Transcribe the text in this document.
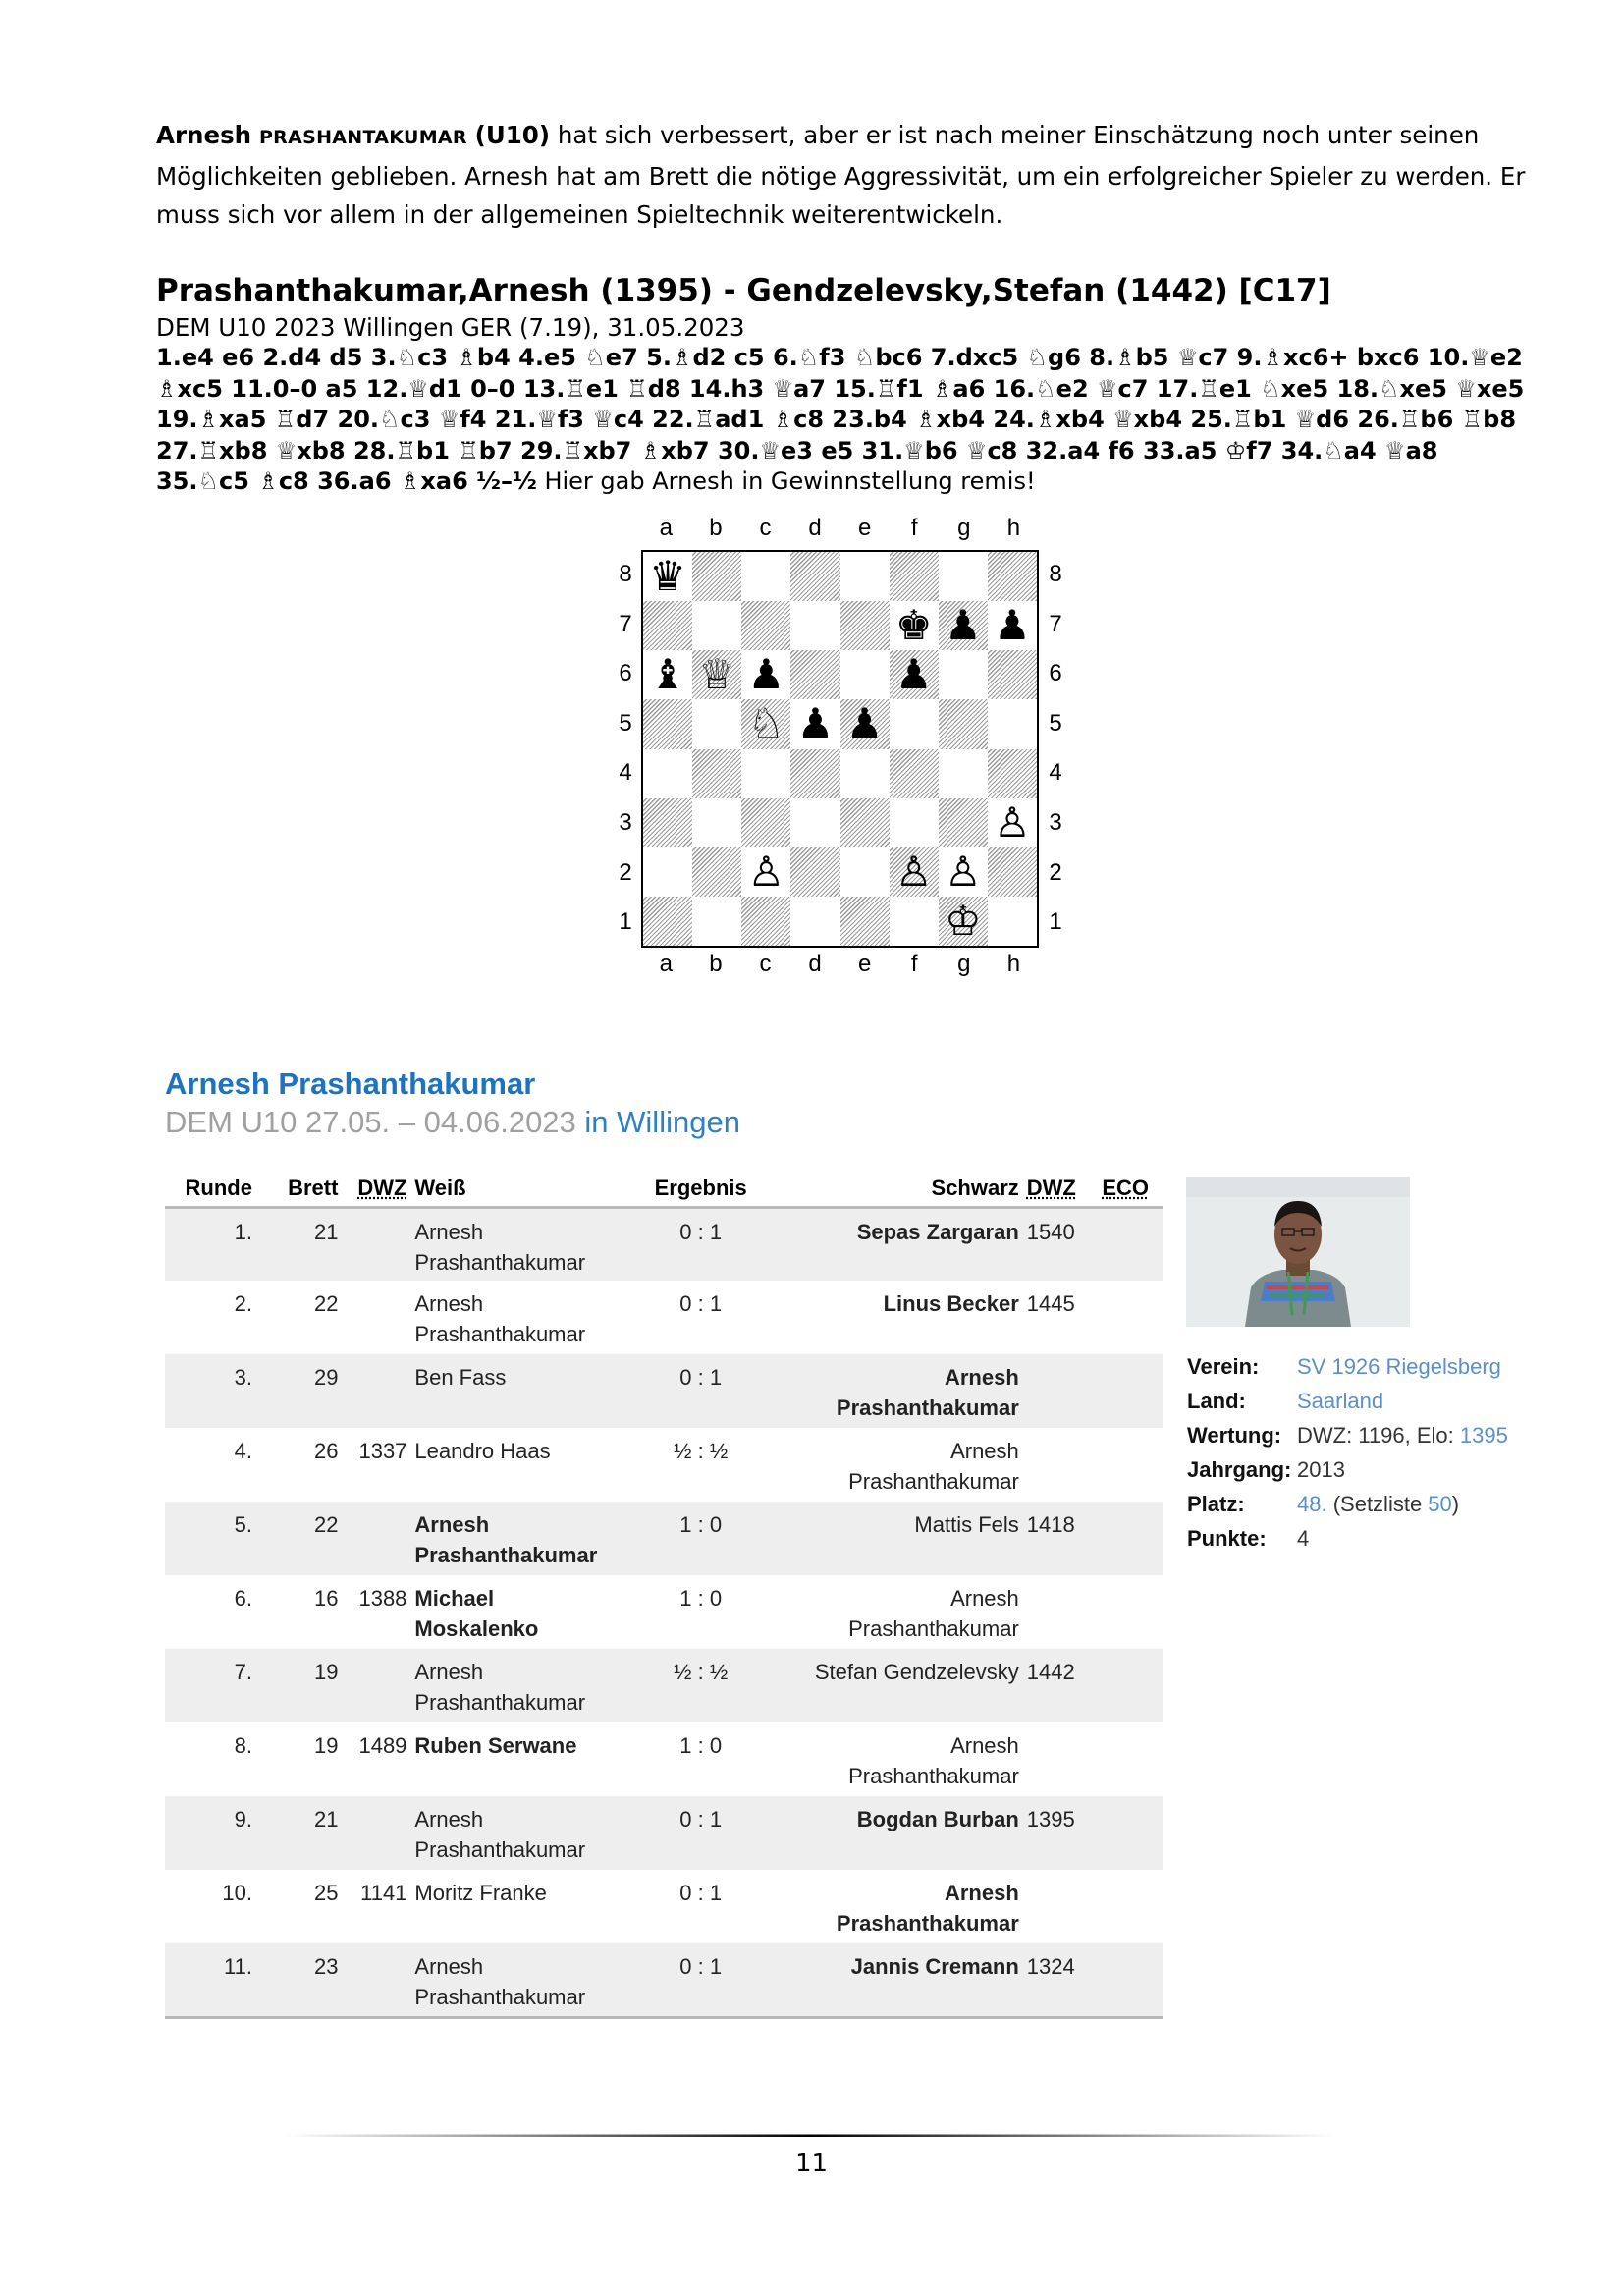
Arnesh PRASHANTAKUMAR (U10) hat sich verbessert, aber er ist nach meiner Einschätzung noch unter seinen Möglichkeiten geblieben. Arnesh hat am Brett die nötige Aggressivität, um ein erfolgreicher Spieler zu werden. Er muss sich vor allem in der allgemeinen Spieltechnik weiterentwickeln.
Prashanthakumar,Arnesh (1395) - Gendzelevsky,Stefan (1442) [C17]
DEM U10 2023 Willingen GER (7.19), 31.05.2023
1.e4 e6 2.d4 d5 3.♘c3 ♗b4 4.e5 ♘e7 5.♗d2 c5 6.♘f3 ♘bc6 7.dxc5 ♘g6 8.♗b5 ♕c7 9.♗xc6+ bxc6 10.♕e2 ♗xc5 11.0–0 a5 12.♕d1 0–0 13.♖e1 ♖d8 14.h3 ♕a7 15.♖f1 ♗a6 16.♘e2 ♕c7 17.♖e1 ♘xe5 18.♘xe5 ♕xe5 19.♗xa5 ♖d7 20.♘c3 ♕f4 21.♕f3 ♕c4 22.♖ad1 ♗c8 23.b4 ♗xb4 24.♗xb4 ♕xb4 25.♖b1 ♕d6 26.♖b6 ♖b8 27.♖xb8 ♕xb8 28.♖b1 ♖b7 29.♖xb7 ♗xb7 30.♕e3 e5 31.♕b6 ♕c8 32.a4 f6 33.a5 ♔f7 34.♘a4 ♕a8 35.♘c5 ♗c8 36.a6 ♗xa6 ½–½ Hier gab Arnesh in Gewinnstellung remis!
a	b	c	d	e	f	g	h
8
7
6
5
4
3
2
1
♛
♚ ♟ ♟
♝ ♕ ♟	♟
♘ ♟ ♟
♙
♙	♙ ♙
♔
8
7
6
5
4
3
2
1
a	b	c	d	e	f	g	h
Arnesh Prashanthakumar
DEM U10 27.05. – 04.06.2023 in Willingen
Runde	Brett	DWZ	Weiß	Ergebnis	Schwarz	DWZ	ECO
1.	21		Arnesh Prashanthakumar	0 : 1	Sepas Zargaran	1540	
2.	22		Arnesh Prashanthakumar	0 : 1	Linus Becker	1445	
3.	29		Ben Fass	0 : 1	Arnesh Prashanthakumar		
4.	26	1337	Leandro Haas	½ : ½	Arnesh Prashanthakumar		
5.	22		Arnesh Prashanthakumar	1 : 0	Mattis Fels	1418	
6.	16	1388	Michael Moskalenko	1 : 0	Arnesh Prashanthakumar		
7.	19		Arnesh Prashanthakumar	½ : ½	Stefan Gendzelevsky	1442	
8.	19	1489	Ruben Serwane	1 : 0	Arnesh Prashanthakumar		
9.	21		Arnesh Prashanthakumar	0 : 1	Bogdan Burban	1395	
10.	25	1141	Moritz Franke	0 : 1	Arnesh Prashanthakumar		
11.	23		Arnesh Prashanthakumar	0 : 1	Jannis Cremann	1324	
Verein:	SV 1926 Riegelsberg
Land:	Saarland
Wertung: DWZ: 1196, Elo: 1395
Jahrgang: 2013
Platz:	48. (Setzliste 50)
Punkte:	4
11
